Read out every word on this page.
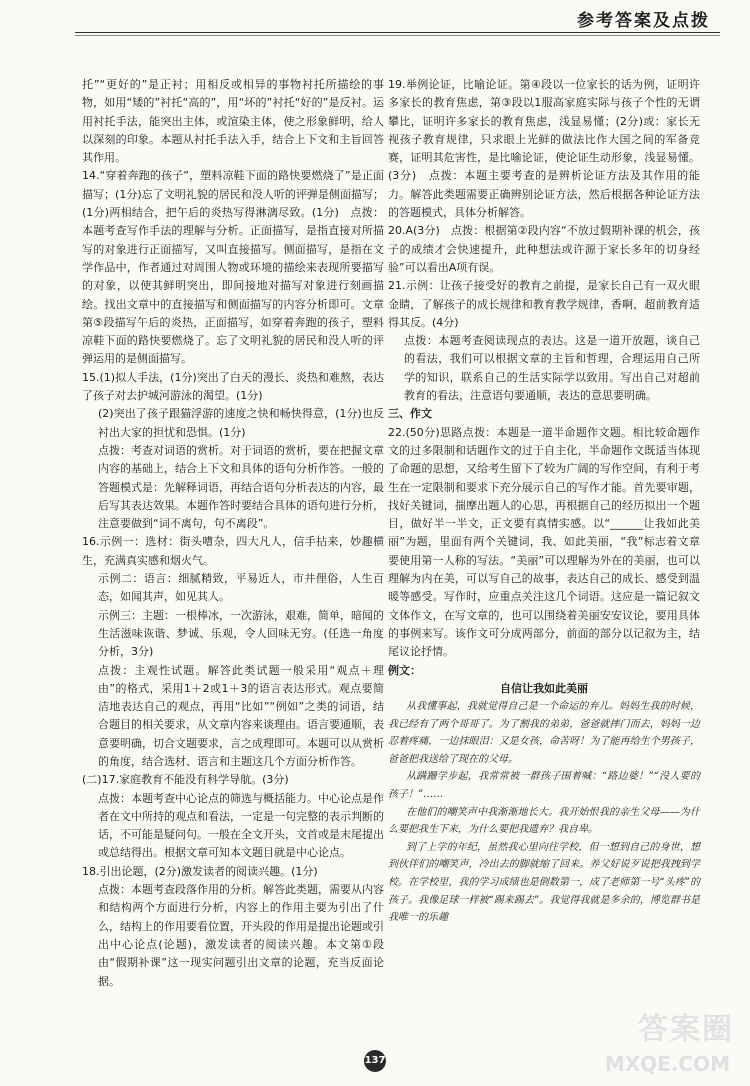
参考答案及点拨

托”“更好的”是正衬；用相反或相异的事物衬托所描绘的事物，如用“矮的”衬托“高的”，用“坏的”衬托“好的”是反衬。运用衬托手法，能突出主体，或渲染主体，使之形象鲜明，给人以深刻的印象。本题从衬托手法入手，结合上下文和主旨回答其作用。

14.“穿着奔跑的孩子”，塑料凉鞋下面的路快要燃烧了”是正面描写；(1分)忘了文明礼貌的居民和没人听的评弹是侧面描写；(1分)两相结合，把午后的炎热写得淋漓尽致。(1分)　点拨：本题考查写作手法的理解与分析。正面描写，是指直接对所描写的对象进行正面描写，又叫直接描写。侧面描写，是指在文学作品中，作者通过对周围人物或环境的描绘来表现所要描写的对象，以使其鲜明突出，即间接地对描写对象进行刻画描绘。找出文章中的直接描写和侧面描写的内容分析即可。文章第⑤段描写午后的炎热，正面描写，如穿着奔跑的孩子，塑料凉鞋下面的路快要燃烧了。忘了文明礼貌的居民和没人听的评弹运用的是侧面描写。

15.(1)拟人手法，(1分)突出了白天的漫长、炎热和难熬，表达了孩子对去护城河游泳的渴望。(1分)

(2)突出了孩子跟猫浮游的速度之快和畅快得意，(1分)也反衬出大家的担忧和恐惧。(1分)

点拨：考查对词语的赏析。对于词语的赏析，要在把握文章内容的基础上，结合上下文和具体的语句分析作答。一般的答题模式是：先解释词语，再结合语句分析表达的内容，最后写其表达效果。本题作答时要结合具体的语句进行分析，注意要做到“词不离句，句不离段”。

16.示例一：选材：街头嘈杂，四大凡人，信手拈来，妙趣横生，充满真实感和烟火气。

示例二：语言：细腻精致，平易近人，市井俚俗，人生百态，如闻其声，如见其人。

示例三：主题：一根棒冰，一次游泳，艰难，简单，暗闻的生活滋味诙谐、梦诚、乐观，令人回味无穷。(任选一角度分析，3分)

点拨：主观性试题。解答此类试题一般采用“观点＋理由”的格式，采用1＋2或1＋3的语言表达形式。观点要简洁地表达自己的观点，再用“比如”“例如”之类的词语，结合题目的相关要求，从文章内容来谈理由。语言要通顺，表意要明确，切合文题要求，言之成理即可。本题可以从赏析的角度，结合选材、语言和主题这几个方面分析作答。

(二)17.家庭教育不能没有科学导航。(3分)

点拨：本题考查中心论点的筛选与概括能力。中心论点是作者在文中所持的观点和看法，一定是一句完整的表示判断的话，不可能是疑问句。一般在全文开头，文首或是末尾提出或总结得出。根据文章可知本文题目就是中心论点。

18.引出论题，(2分)激发读者的阅读兴趣。(1分)

点拨：本题考查段落作用的分析。解答此类题，需要从内容和结构两个方面进行分析，内容上的作用主要为引出了什么，结构上的作用要看位置，开头段的作用是提出论题或引出中心论点(论题)，激发读者的阅读兴趣。本文第①段由“假期补课”这一现实问题引出文章的论题，充当反面论据。

19.举例论证，比喻论证。第④段以一位家长的话为例，证明许多家长的教育焦虑，第③段以1服高家庭实际与孩子个性的无谓攀比，证明许多家长的教育焦虑，浅显易懂；(2分)或：家长无视孩子教育规律，只求眼上光鲜的做法比作大国之间的军备竞赛，证明其危害性，是比喻论证，使论证生动形象，浅显易懂。(3分)　点拨：本题主要考查的是辨析论证方法及其作用的能力。解答此类题需要正确辨别论证方法，然后根据各种论证方法的答题模式，具体分析解答。

20.A(3分)　点拨：根据第②段内容“不放过假期补课的机会，孩子的成绩才会快速提升，此种想法或许源于家长多年的切身经验”可以看出A项有误。

21.示例：让孩子接受好的教育之前提，是家长自己有一双火眼金睛，了解孩子的成长规律和教育教学规律，香啊，超前教育适得其反。(4分)

点拨：本题考查阅读现点的表达。这是一道开放题，谈自己的看法，我们可以根据文章的主旨和哲理，合理运用自己所学的知识，联系自己的生活实际学以致用。写出自己对超前教育的看法，注意语句要通顺，表达的意思要明确。

三、作文

22.(50分)思路点拨：本题是一道半命题作文题。相比较命题作文的过多限制和话题作文的过于自主化，半命题作文既适当体现了命题的思想，又给考生留下了较为广阔的写作空间，有利于考生在一定限制和要求下充分展示自己的写作才能。首先要审题，找好关键词，揣摩出题人的心思，再根据自己的经历拟出一个题目，做好半一半文，正文要有真情实感。以“______让我如此美丽”为题，里面有两个关键词，我、如此美丽，“我”标志着文章要使用第一人称的写法。“美丽”可以理解为外在的美丽，也可以理解为内在美，可以写自己的故事，表达自己的成长、感受到温暖等感受。写作时，应重点关注这几个词语。这应是一篇记叙文文体作文，在写文章的，也可以围绕着美丽安安议论，要用具体的事例来写。该作文可分成两部分，前面的部分以记叙为主，结尾议论抒情。

例文：

自信让我如此美丽

从我懂事起，我就觉得自己是一个命运的弃儿。妈妈生我的时候，我已经有了两个哥哥了。为了割我的弟弟，爸爸就摔门而去，妈妈一边忍着疼痛，一边抹眼泪：又是女孩，命苦呀！为了能再给生个男孩子，爸爸把我送给了现在的父母。

从蹒跚学步起，我常常被一群孩子围着喊：“路边婆！”“没人要的孩子！”……

在他们的嘲笑声中我渐渐地长大。我开始恨我的亲生父母——为什么要把我生下来，为什么要把我遗弃？我自卑。

到了上学的年纪，虽然我心里向往学校，但一想到自己的身世，想到伙伴们的嘲笑声，冷出去的脚就缩了回来。养父好说歹说把我拽到学校。在学校里，我的学习成绩也是倒数第一，成了老师第一号“头疼”的孩子。我像足球一样被“踢来踢去”。我觉得我就是多余的，博览群书是我唯一的乐趣

137
答案圈
MXQE.COM
